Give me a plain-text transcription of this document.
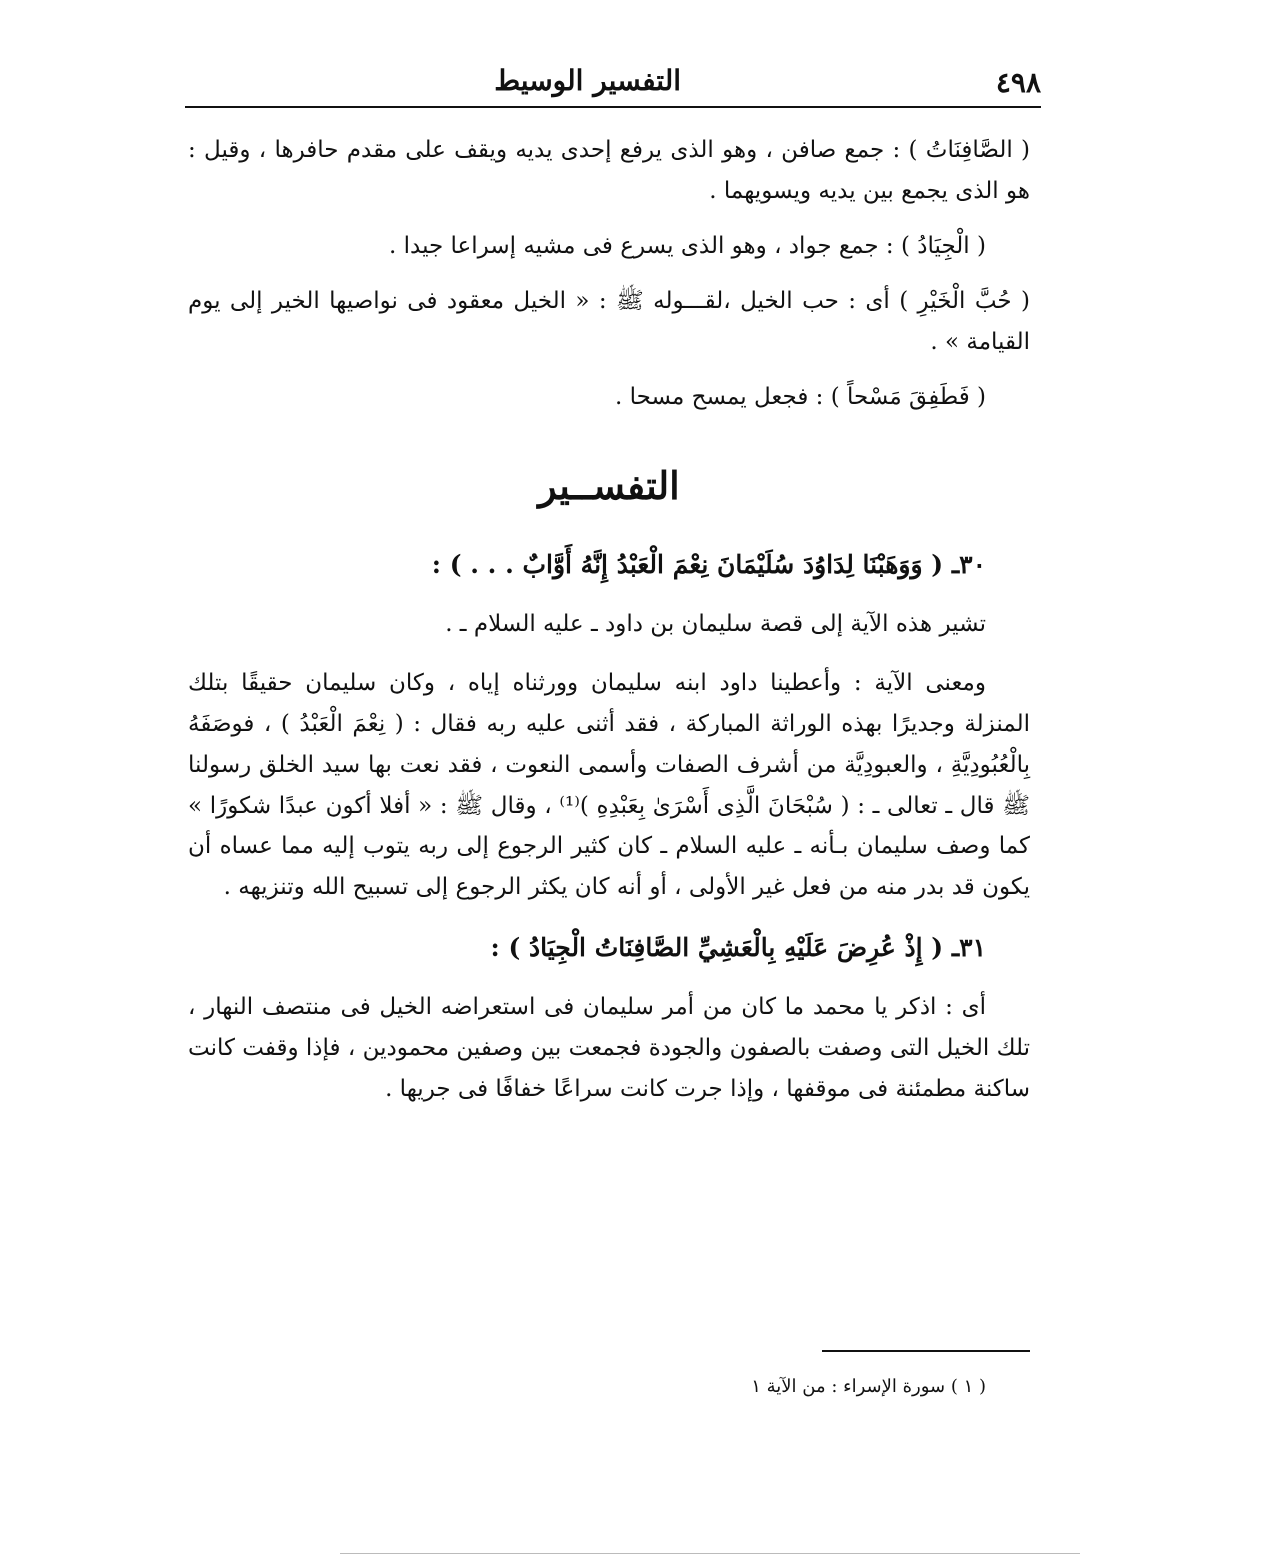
٤٩٨
التفسير الوسيط

( الصَّافِنَاتُ ) : جمع صافن ، وهو الذى يرفع إحدى يديه ويقف على مقدم حافرها ، وقيل : هو الذى يجمع بين يديه ويسويهما .

( الْجِيَادُ ) : جمع جواد ، وهو الذى يسرع فى مشيه إسراعا جيدا .

( حُبَّ الْخَيْرِ ) أى : حب الخيل ،لقـــوله ﷺ : « الخيل معقود فى نواصيها الخير إلى يوم القيامة » .

( فَطَفِقَ مَسْحاً ) : فجعل يمسح مسحا .

التفســير

٣٠ـ ( وَوَهَبْنَا لِدَاوُدَ سُلَيْمَانَ نِعْمَ الْعَبْدُ إِنَّهُ أَوَّابٌ . . . ) :

تشير هذه الآية إلى قصة سليمان بن داود ـ عليه السلام ـ .

ومعنى الآية : وأعطينا داود ابنه سليمان وورثناه إياه ، وكان سليمان حقيقًا بتلك المنزلة وجديرًا بهذه الوراثة المباركة ، فقد أثنى عليه ربه فقال : ( نِعْمَ الْعَبْدُ ) ، فوصَفَهُ بِالْعُبُودِيَّةِ ، والعبودِيَّة من أشرف الصفات وأسمى النعوت ، فقد نعت بها سيد الخلق رسولنا ﷺ قال ـ تعالى ـ : ( سُبْحَانَ الَّذِى أَسْرَىٰ بِعَبْدِهِ )⁽¹⁾ ، وقال ﷺ : « أفلا أكون عبدًا شكورًا » كما وصف سليمان بـأنه ـ عليه السلام ـ كان كثير الرجوع إلى ربه يتوب إليه مما عساه أن يكون قد بدر منه من فعل غير الأولى ، أو أنه كان يكثر الرجوع إلى تسبيح الله وتنزيهه .

٣١ـ ( إِذْ عُرِضَ عَلَيْهِ بِالْعَشِيِّ الصَّافِنَاتُ الْجِيَادُ ) :

أى : اذكر يا محمد ما كان من أمر سليمان فى استعراضه الخيل فى منتصف النهار ، تلك الخيل التى وصفت بالصفون والجودة فجمعت بين وصفين محمودين ، فإذا وقفت كانت ساكنة مطمئنة فى موقفها ، وإذا جرت كانت سراعًا خفافًا فى جريها .

( ١ ) سورة الإسراء : من الآية ١
